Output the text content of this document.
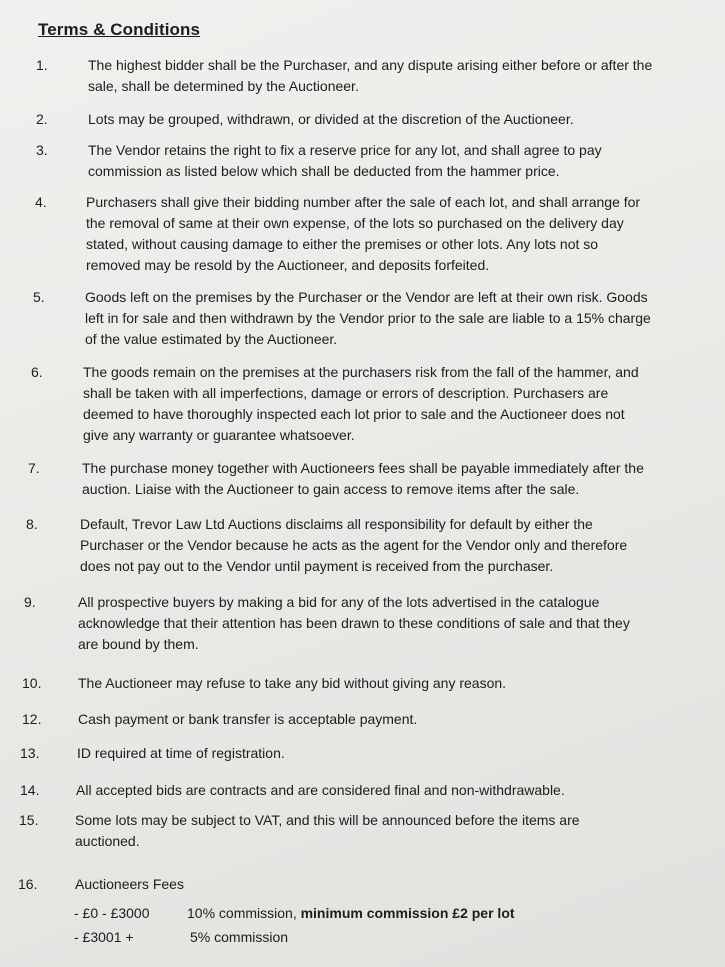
Terms & Conditions
1.	The highest bidder shall be the Purchaser, and any dispute arising either before or after the
sale, shall be determined by the Auctioneer.
2.	Lots may be grouped, withdrawn, or divided at the discretion of the Auctioneer.
3.	The Vendor retains the right to fix a reserve price for any lot, and shall agree to pay
commission as listed below which shall be deducted from the hammer price.
4.	Purchasers shall give their bidding number after the sale of each lot, and shall arrange for
the removal of same at their own expense, of the lots so purchased on the delivery day
stated, without causing damage to either the premises or other lots. Any lots not so
removed may be resold by the Auctioneer, and deposits forfeited.
5.	Goods left on the premises by the Purchaser or the Vendor are left at their own risk. Goods
left in for sale and then withdrawn by the Vendor prior to the sale are liable to a 15% charge
of the value estimated by the Auctioneer.
6.	The goods remain on the premises at the purchasers risk from the fall of the hammer, and
shall be taken with all imperfections, damage or errors of description. Purchasers are
deemed to have thoroughly inspected each lot prior to sale and the Auctioneer does not
give any warranty or guarantee whatsoever.
7.	The purchase money together with Auctioneers fees shall be payable immediately after the
auction. Liaise with the Auctioneer to gain access to remove items after the sale.
8.	Default, Trevor Law Ltd Auctions disclaims all responsibility for default by either the
Purchaser or the Vendor because he acts as the agent for the Vendor only and therefore
does not pay out to the Vendor until payment is received from the purchaser.
9.	All prospective buyers by making a bid for any of the lots advertised in the catalogue
acknowledge that their attention has been drawn to these conditions of sale and that they
are bound by them.
10.	The Auctioneer may refuse to take any bid without giving any reason.
12.	Cash payment or bank transfer is acceptable payment.
13.	ID required at time of registration.
14.	All accepted bids are contracts and are considered final and non-withdrawable.
15.	Some lots may be subject to VAT, and this will be announced before the items are
auctioned.
16.	Auctioneers Fees
- £0 - £3000	10% commission, minimum commission £2 per lot
- £3001 +	5% commission
